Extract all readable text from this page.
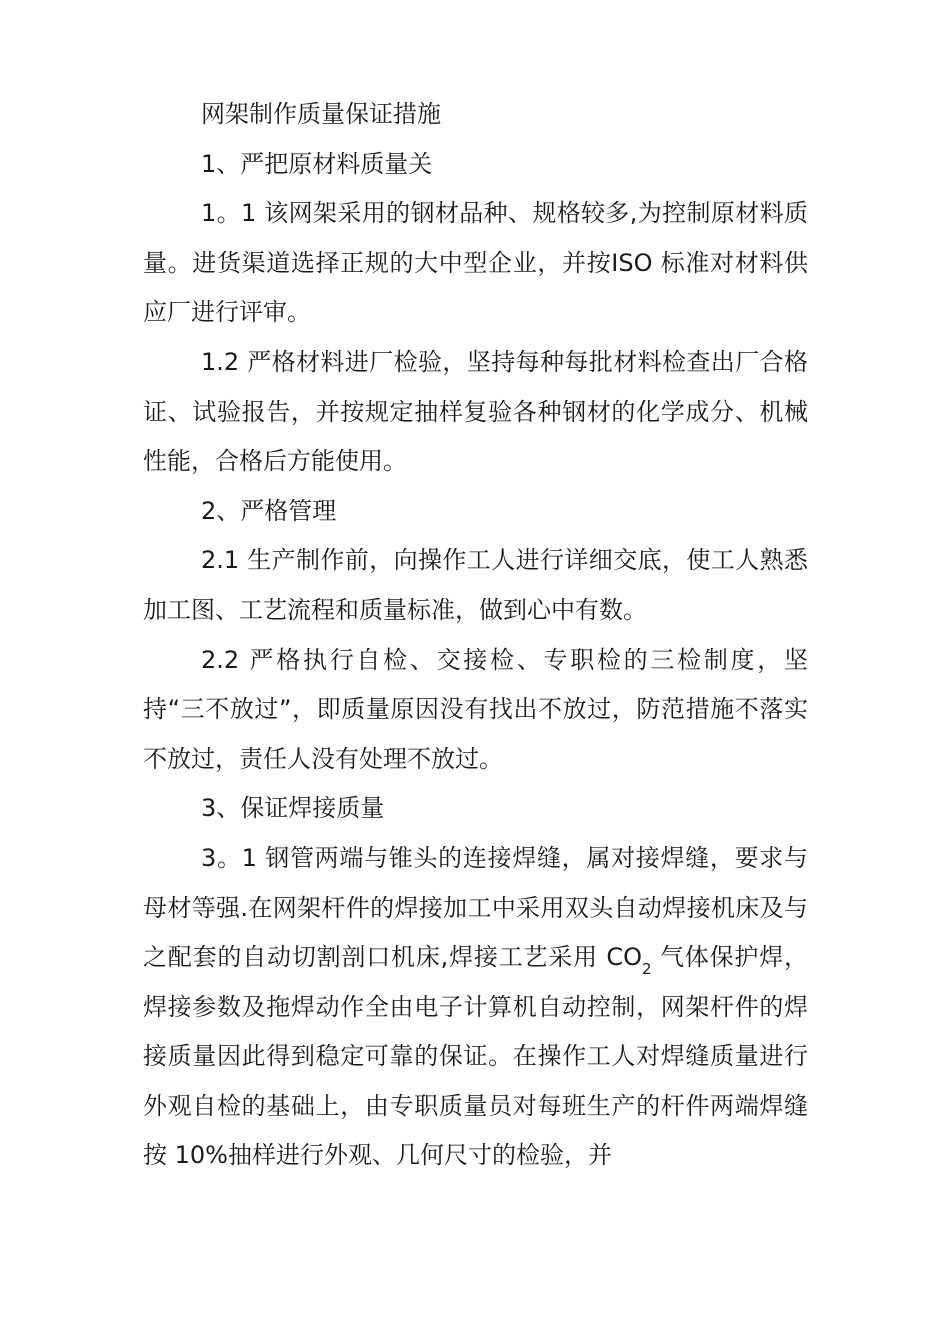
网架制作质量保证措施

1、严把原材料质量关

1。1 该网架采用的钢材品种、规格较多,为控制原材料质量。进货渠道选择正规的大中型企业，并按ISO 标准对材料供应厂进行评审。

1.2 严格材料进厂检验，坚持每种每批材料检查出厂合格证、试验报告，并按规定抽样复验各种钢材的化学成分、机械性能，合格后方能使用。

2、严格管理

2.1 生产制作前，向操作工人进行详细交底，使工人熟悉加工图、工艺流程和质量标准，做到心中有数。

2.2 严格执行自检、交接检、专职检的三检制度，坚持“三不放过”，即质量原因没有找出不放过，防范措施不落实不放过，责任人没有处理不放过。

3、保证焊接质量

3。1 钢管两端与锥头的连接焊缝，属对接焊缝，要求与母材等强.在网架杆件的焊接加工中采用双头自动焊接机床及与之配套的自动切割剖口机床,焊接工艺采用 $CO_2$ 气体保护焊，焊接参数及拖焊动作全由电子计算机自动控制，网架杆件的焊接质量因此得到稳定可靠的保证。在操作工人对焊缝质量进行外观自检的基础上，由专职质量员对每班生产的杆件两端焊缝按 10%抽样进行外观、几何尺寸的检验，并
